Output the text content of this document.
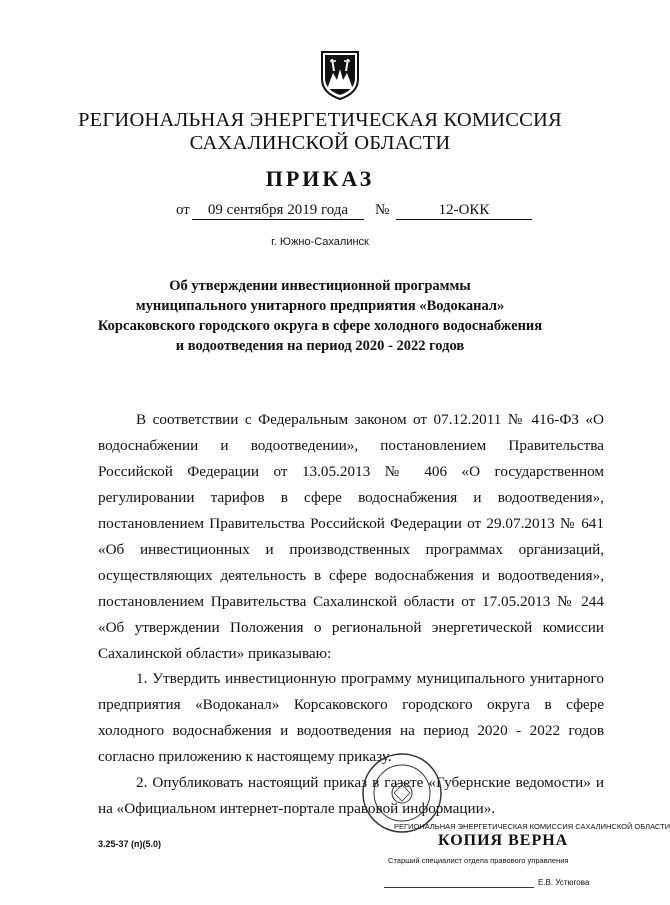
РЕГИОНАЛЬНАЯ ЭНЕРГЕТИЧЕСКАЯ КОМИССИЯ
САХАЛИНСКОЙ ОБЛАСТИ
ПРИКАЗ
от	09 сентября 2019 года	№	12-ОКК
г. Южно-Сахалинск
Об утверждении инвестиционной программы
муниципального унитарного предприятия «Водоканал»
Корсаковского городского округа в сфере холодного водоснабжения
и водоотведения на период 2020 - 2022 годов
В соответствии с Федеральным законом от 07.12.2011 № 416-ФЗ «О
водоснабжении и водоотведении», постановлением Правительства
Российской Федерации от 13.05.2013 № 406 «О государственном
регулировании тарифов в сфере водоснабжения и водоотведения»,
постановлением Правительства Российской Федерации от 29.07.2013 № 641
«Об инвестиционных и производственных программах организаций,
осуществляющих деятельность в сфере водоснабжения и водоотведения»,
постановлением Правительства Сахалинской области от 17.05.2013 № 244
«Об утверждении Положения о региональной энергетической комиссии
Сахалинской области» приказываю:
1. Утвердить инвестиционную программу муниципального унитарного
предприятия «Водоканал» Корсаковского городского округа в сфере
холодного водоснабжения и водоотведения на период 2020 - 2022 годов
согласно приложению к настоящему приказу.
2. Опубликовать настоящий приказ в газете «Губернские ведомости» и
на «Официальном интернет-портале правовой информации».
3.25-37 (п)(5.0)
РЕГИОНАЛЬНАЯ ЭНЕРГЕТИЧЕСКАЯ КОМИССИЯ САХАЛИНСКОЙ ОБЛАСТИ
КОПИЯ ВЕРНА
Старший специалист отдела правового управления
Е.В. Устюгова
